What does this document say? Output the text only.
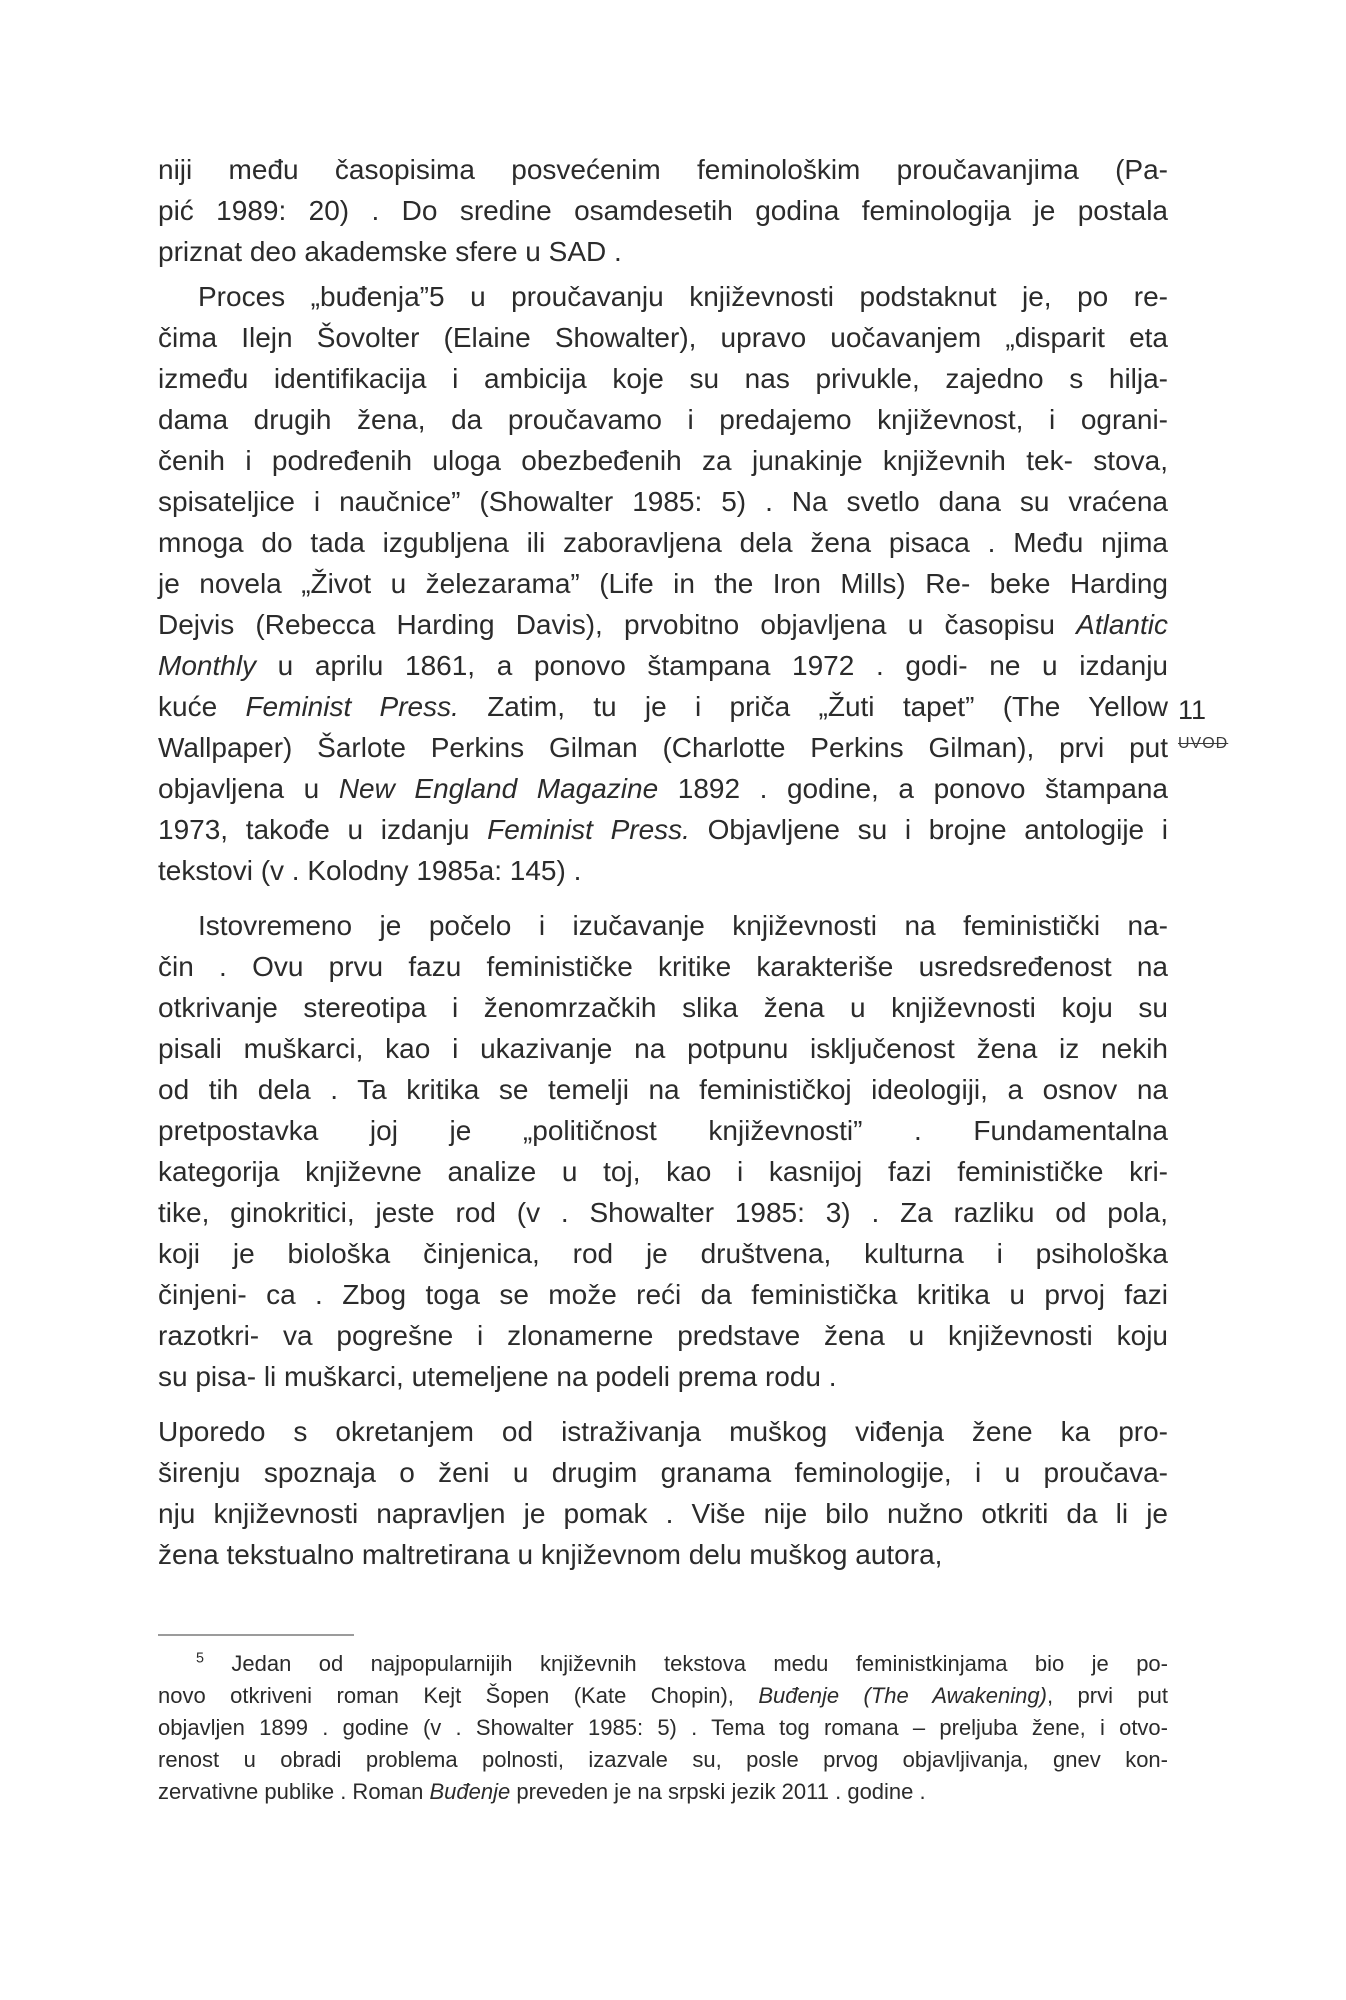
niji među časopisima posvećenim feminološkim proučavanjima (Pa-
pić 1989: 20) . Do sredine osamdesetih godina feminologija je postala
priznat deo akademske sfere u SAD .
Proces „buđenja”5 u proučavanju književnosti podstaknut je, po re-
čima Ilejn Šovolter (Elaine Showalter), upravo uočavanjem „disparit eta
između identifikacija i ambicija koje su nas privukle, zajedno s hilja-
dama drugih žena, da proučavamo i predajemo književnost, i ograni-
čenih i podređenih uloga obezbeđenih za junakinje književnih tek- stova,
spisateljice i naučnice” (Showalter 1985: 5) . Na svetlo dana su vraćena
mnoga do tada izgubljena ili zaboravljena dela žena pisaca . Među njima
je novela „Život u železarama” (Life in the Iron Mills) Re- beke Harding
Dejvis (Rebecca Harding Davis), prvobitno objavljena u časopisu Atlantic
Monthly u aprilu 1861, a ponovo štampana 1972 . godi- ne u izdanju
kuće Feminist Press. Zatim, tu je i priča „Žuti tapet” (The Yellow
Wallpaper) Šarlote Perkins Gilman (Charlotte Perkins Gilman), prvi put
objavljena u New England Magazine 1892 . godine, a ponovo štampana
1973, takođe u izdanju Feminist Press. Objavljene su i brojne antologije i
tekstovi (v . Kolodny 1985a: 145) .
Istovremeno je počelo i izučavanje književnosti na feministički na-
čin . Ovu prvu fazu feminističke kritike karakteriše usredsređenost na
otkrivanje stereotipa i ženomrzačkih slika žena u književnosti koju su
pisali muškarci, kao i ukazivanje na potpunu isključenost žena iz nekih
od tih dela . Ta kritika se temelji na feminističkoj ideologiji, a osnov na
pretpostavka joj je „političnost književnosti” . Fundamentalna
kategorija književne analize u toj, kao i kasnijoj fazi feminističke kri-
tike, ginokritici, jeste rod (v . Showalter 1985: 3) . Za razliku od pola,
koji je biološka činjenica, rod je društvena, kulturna i psihološka
činjeni- ca . Zbog toga se može reći da feministička kritika u prvoj fazi
razotkri- va pogrešne i zlonamerne predstave žena u književnosti koju
su pisa- li muškarci, utemeljene na podeli prema rodu .
Uporedo s okretanjem od istraživanja muškog viđenja žene ka pro-
širenju spoznaja o ženi u drugim granama feminologije, i u proučava-
nju književnosti napravljen je pomak . Više nije bilo nužno otkriti da li je
žena tekstualno maltretirana u književnom delu muškog autora,
11
UVOD
$^5$ Jedan od najpopularnijih književnih tekstova medu feministkinjama bio je po-
novo otkriveni roman Kejt Šopen (Kate Chopin), Buđenje (The Awakening), prvi put
objavljen 1899 . godine (v . Showalter 1985: 5) . Tema tog romana – preljuba žene, i otvo-
renost u obradi problema polnosti, izazvale su, posle prvog objavljivanja, gnev kon-
zervativne publike . Roman Buđenje preveden je na srpski jezik 2011 . godine .
